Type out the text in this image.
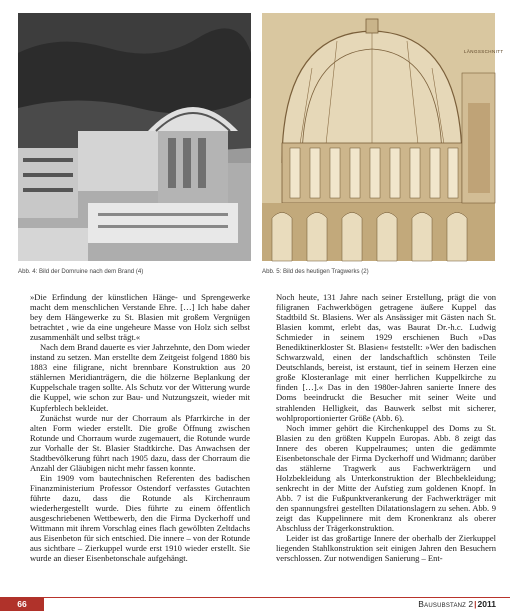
Abb. 4: Bild der Domruine nach dem Brand (4)
LÄNGSSCHNITT
Abb. 5: Bild des heutigen Tragwerks (2)

»Die Erfindung der künstlichen Hänge- und Sprengewerke macht dem menschlichen Verstande Ehre. […] Ich habe daher bey dem Hängewerke zu St. Blasien mit großem Vergnügen betrachtet , wie da eine ungeheure Masse von Holz sich selbst zusammenhält und selbst trägt.«

Nach dem Brand dauerte es vier Jahrzehnte, den Dom wieder instand zu setzen. Man erstellte dem Zeitgeist folgend 1880 bis 1883 eine filigrane, nicht brennbare Konstruktion aus 20 stählernen Meridianträgern, die die hölzerne Beplankung der Kuppelschale tragen sollte. Als Schutz vor der Witterung wurde die Kuppel, wie schon zur Bau- und Nutzungszeit, wieder mit Kupferblech bekleidet.

Zunächst wurde nur der Chorraum als Pfarrkirche in der alten Form wieder erstellt. Die große Öffnung zwischen Rotunde und Chorraum wurde zugemauert, die Rotunde wurde zur Vorhalle der St. Blasier Stadtkirche. Das Anwachsen der Stadtbevölkerung führt nach 1905 dazu, dass der Chorraum die Anzahl der Gläubigen nicht mehr fassen konnte.

Ein 1909 vom bautechnischen Referenten des badischen Finanzministerium Professor Ostendorf verfasstes Gutachten führte dazu, dass die Rotunde als Kirchenraum wiederhergestellt wurde. Dies führte zu einem öffentlich ausgeschriebenen Wettbewerb, den die Firma Dyckerhoff und Wittmann mit ihrem Vorschlag eines flach gewölbten Zeltdachs aus Eisenbeton für sich entschied. Die innere – von der Rotunde aus sichtbare – Zierkuppel wurde erst 1910 wieder erstellt. Sie wurde an dieser Eisenbetonschale aufgehängt.

Noch heute, 131 Jahre nach seiner Erstellung, prägt die von filigranen Fachwerkbögen getragene äußere Kuppel das Stadtbild St. Blasiens. Wer als Ansässiger mit Gästen nach St. Blasien kommt, erlebt das, was Baurat Dr.-h.c. Ludwig Schmieder in seinem 1929 erschienen Buch »Das Benediktinerkloster St. Blasien« feststellt: »Wer den badischen Schwarzwald, einen der landschaftlich schönsten Teile Deutschlands, bereist, ist erstaunt, tief in seinem Herzen eine große Klosteranlage mit einer herrlichen Kuppelkirche zu finden […].« Das in den 1980er-Jahren sanierte Innere des Doms beeindruckt die Besucher mit seiner Weite und strahlenden Helligkeit, das Bauwerk selbst mit sicherer, wohlproportionierter Größe (Abb. 6).

Noch immer gehört die Kirchenkuppel des Doms zu St. Blasien zu den größten Kuppeln Europas. Abb. 8 zeigt das Innere des oberen Kuppelraumes; unten die gedämmte Eisenbetonschale der Firma Dyckerhoff und Widmann; darüber das stählerne Tragwerk aus Fachwerkträgern und Holzbekleidung als Unterkonstruktion der Blechbekleidung; senkrecht in der Mitte der Aufstieg zum goldenen Knopf. In Abb. 7 ist die Fußpunktverankerung der Fachwerkträger mit den spannungsfrei gestellten Dilatationslagern zu sehen. Abb. 9 zeigt das Kuppelinnere mit dem Kronenkranz als oberer Abschluss der Trägerkonstruktion.

Leider ist das großartige Innere der oberhalb der Zierkuppel liegenden Stahlkonstruktion seit einigen Jahren den Besuchern verschlossen. Zur notwendigen Sanierung – Ent-

66	Bausubstanz 2|2011
